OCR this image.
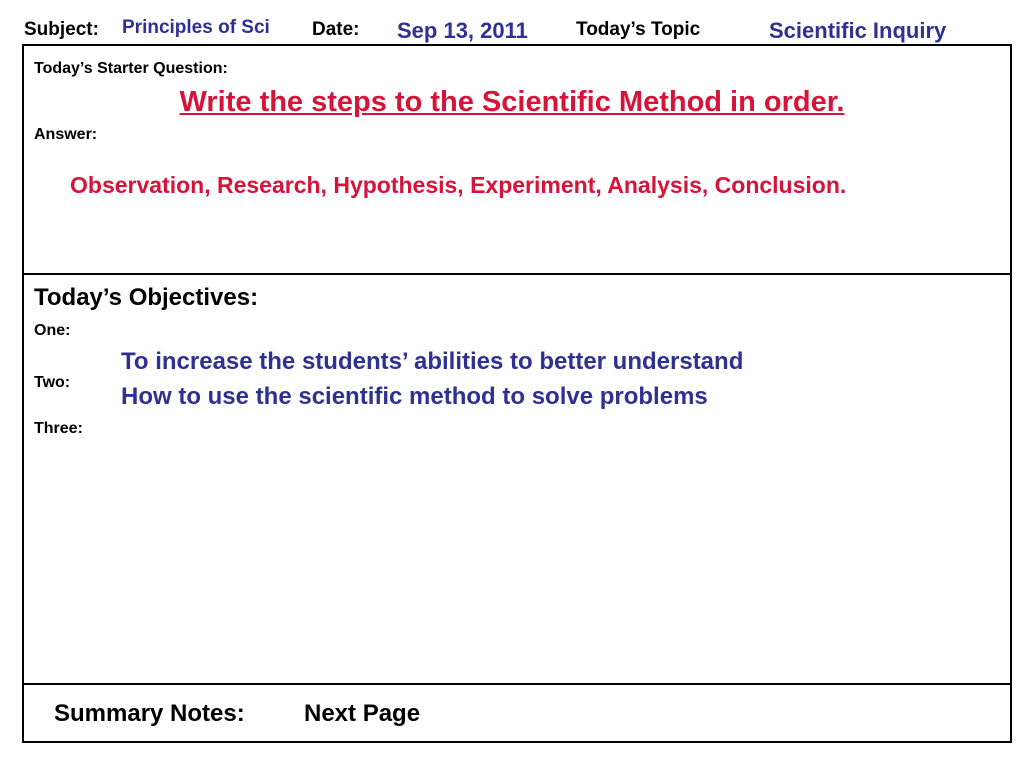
Subject: Principles of Sci Date: Sep 13, 2011	Today’s Topic	Scientific Inquiry
Today’s Starter Question:
Write the steps to the Scientific Method in order.
Answer:
Observation, Research, Hypothesis, Experiment, Analysis, Conclusion.
Today’s Objectives:
One:
Two:
Three:
To increase the students’ abilities to better understand
How to use the scientific method to solve problems
Summary Notes: Next Page
